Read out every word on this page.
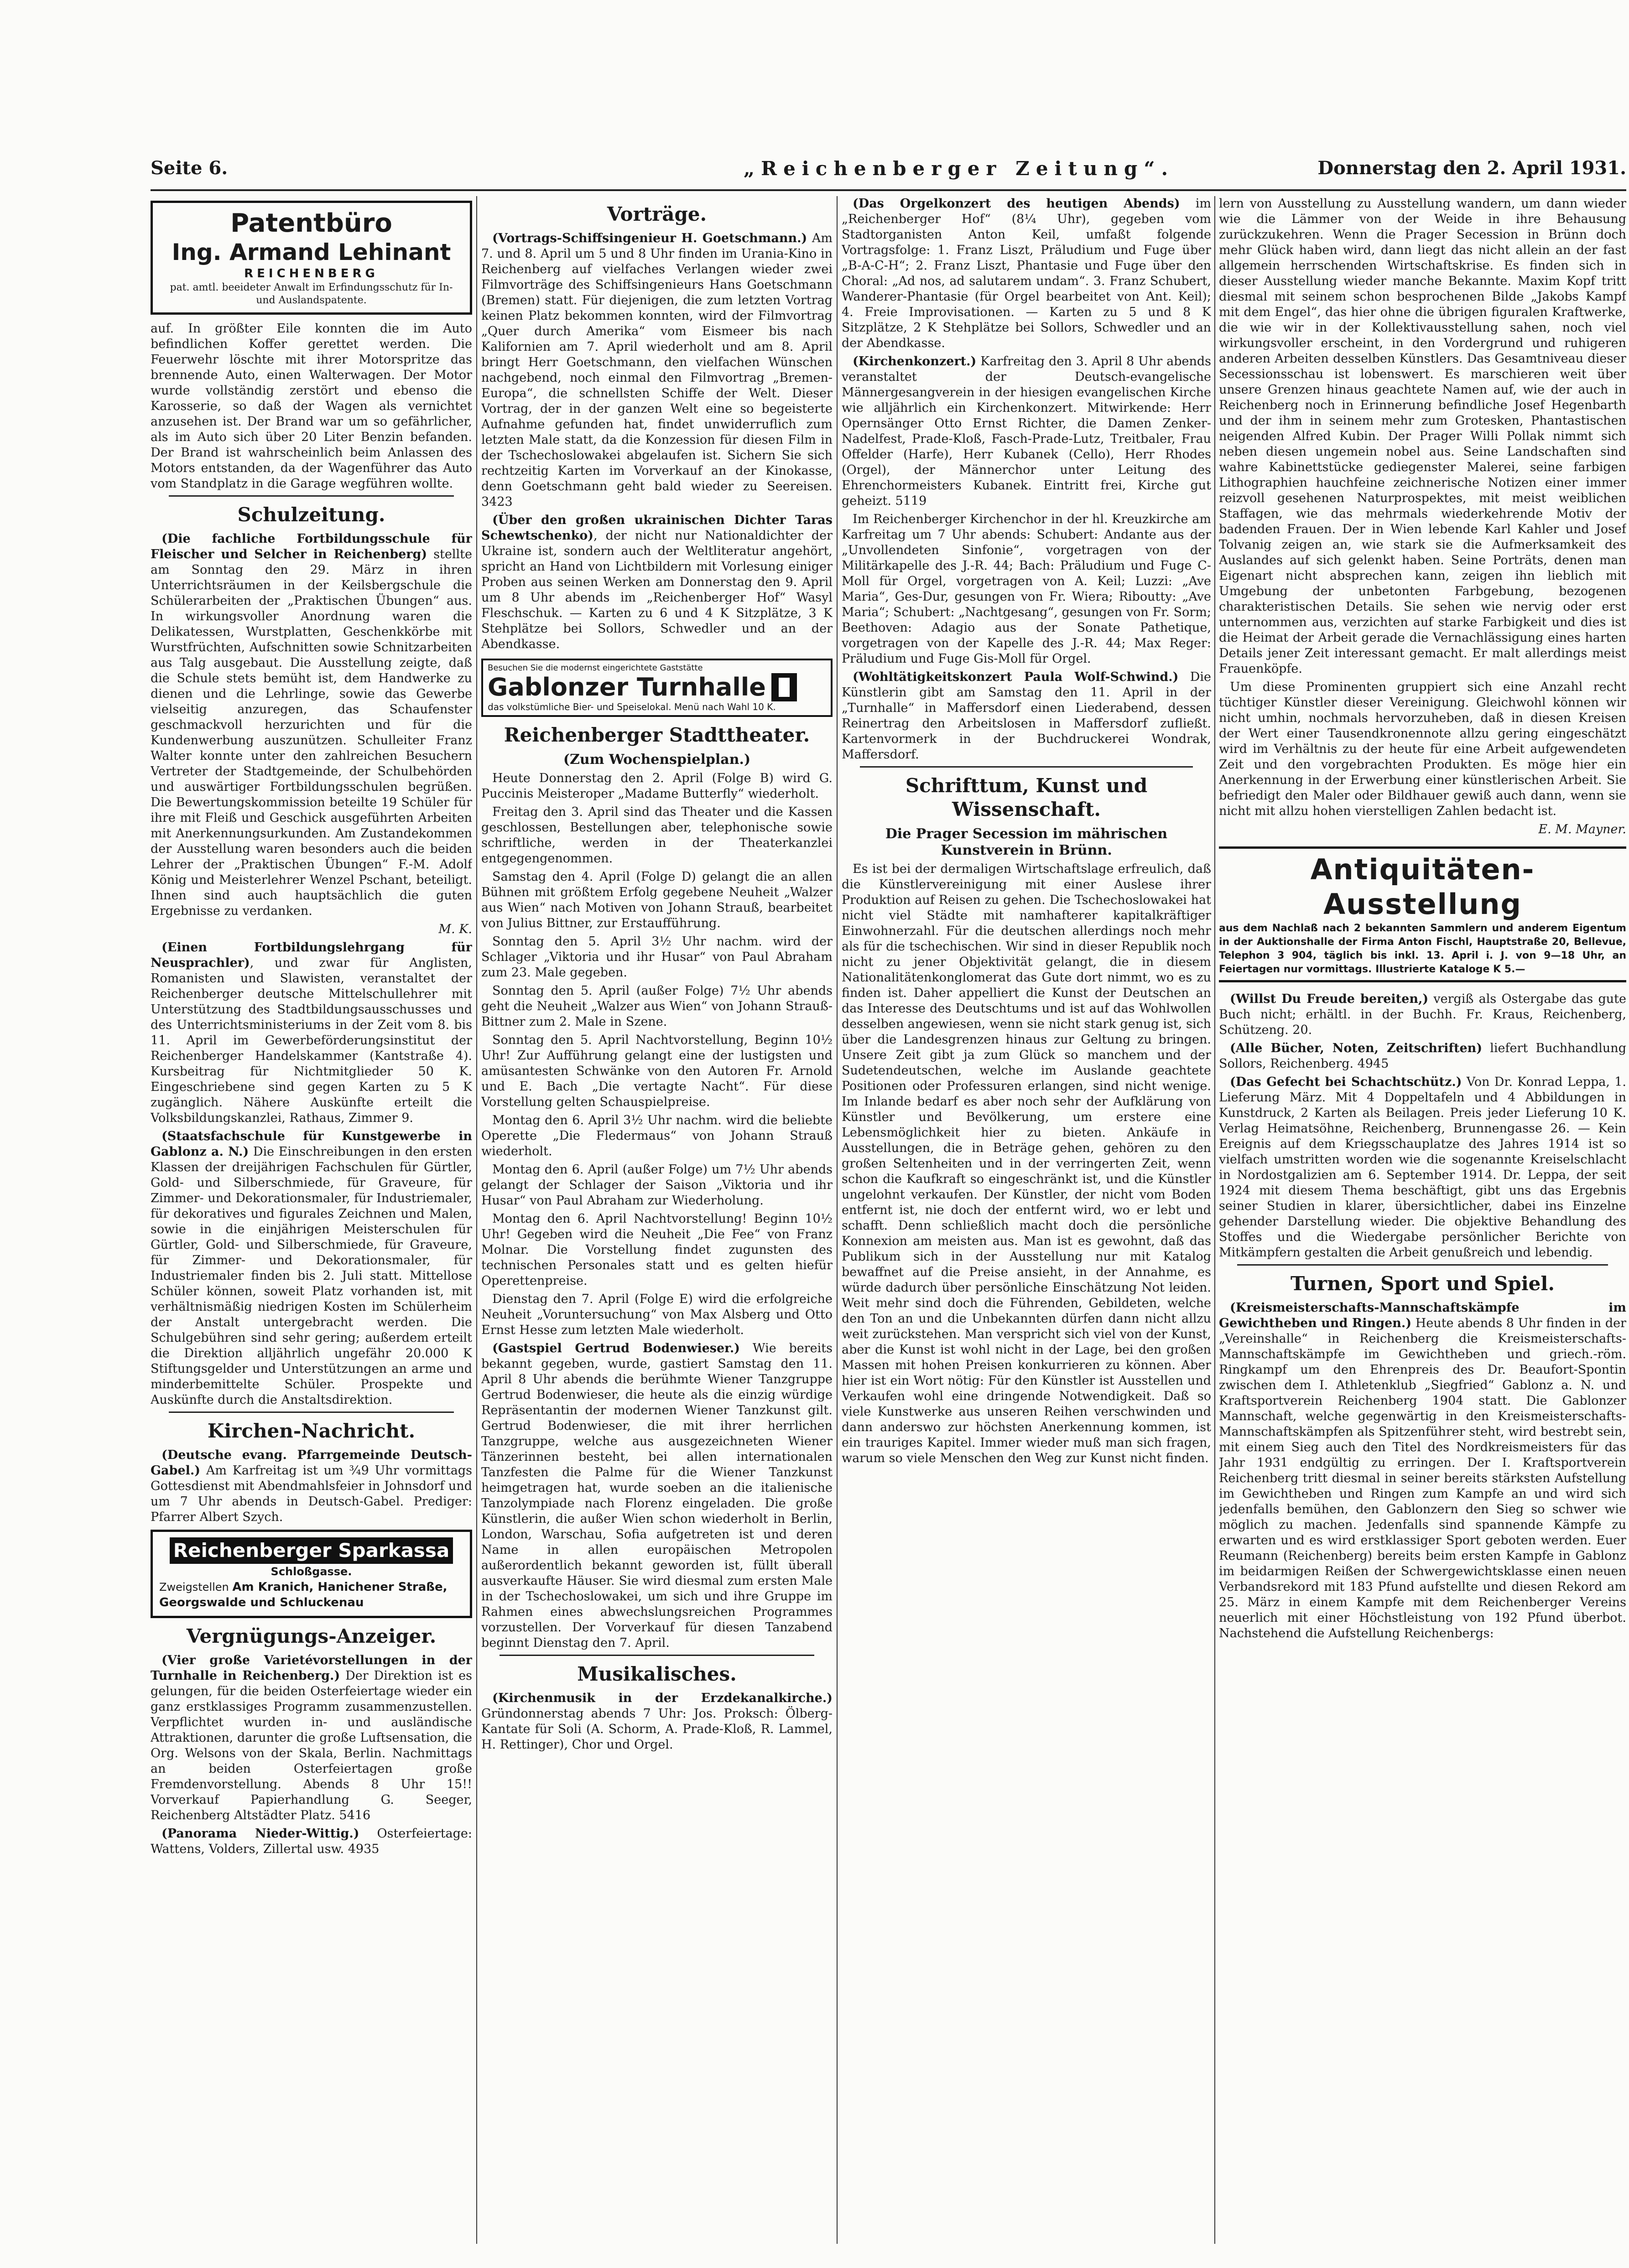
Seite 6.	„Reichenberger Zeitung“.	Donnerstag den 2. April 1931.
Patentbüro
Ing. Armand Lehinant
REICHENBERG
pat. amtl. beeideter Anwalt im Erfindungsschutz für In- und Auslandspatente.

auf. In größter Eile konnten die im Auto befindlichen Koffer gerettet werden. Die Feuerwehr löschte mit ihrer Motorspritze das brennende Auto, einen Walterwagen. Der Motor wurde vollständig zerstört und ebenso die Karosserie, so daß der Wagen als vernichtet anzusehen ist. Der Brand war um so gefährlicher, als im Auto sich über 20 Liter Benzin befanden. Der Brand ist wahrscheinlich beim Anlassen des Motors entstanden, da der Wagenführer das Auto vom Standplatz in die Garage wegführen wollte.

Schulzeitung.

(Die fachliche Fortbildungsschule für Fleischer und Selcher in Reichenberg) stellte am Sonntag den 29. März in ihren Unterrichtsräumen in der Keilsbergschule die Schülerarbeiten der „Praktischen Übungen“ aus. In wirkungsvoller Anordnung waren die Delikatessen, Wurstplatten, Geschenkkörbe mit Wurstfrüchten, Aufschnitten sowie Schnitzarbeiten aus Talg ausgebaut. Die Ausstellung zeigte, daß die Schule stets bemüht ist, dem Handwerke zu dienen und die Lehrlinge, sowie das Gewerbe vielseitig anzuregen, das Schaufenster geschmackvoll herzurichten und für die Kundenwerbung auszunützen. Schulleiter Franz Walter konnte unter den zahlreichen Besuchern Vertreter der Stadtgemeinde, der Schulbehörden und auswärtiger Fortbildungsschulen begrüßen. Die Bewertungskommission beteilte 19 Schüler für ihre mit Fleiß und Geschick ausgeführten Arbeiten mit Anerkennungsurkunden. Am Zustandekommen der Ausstellung waren besonders auch die beiden Lehrer der „Praktischen Übungen“ F.-M. Adolf König und Meisterlehrer Wenzel Pschant, beteiligt. Ihnen sind auch hauptsächlich die guten Ergebnisse zu verdanken.

M. K.

(Einen Fortbildungslehrgang für Neusprachler), und zwar für Anglisten, Romanisten und Slawisten, veranstaltet der Reichenberger deutsche Mittelschullehrer mit Unterstützung des Stadtbildungsausschusses und des Unterrichtsministeriums in der Zeit vom 8. bis 11. April im Gewerbeförderungsinstitut der Reichenberger Handelskammer (Kantstraße 4). Kursbeitrag für Nichtmitglieder 50 K. Eingeschriebene sind gegen Karten zu 5 K zugänglich. Nähere Auskünfte erteilt die Volksbildungskanzlei, Rathaus, Zimmer 9.

(Staatsfachschule für Kunstgewerbe in Gablonz a. N.) Die Einschreibungen in den ersten Klassen der dreijährigen Fachschulen für Gürtler, Gold- und Silberschmiede, für Graveure, für Zimmer- und Dekorationsmaler, für Industriemaler, für dekoratives und figurales Zeichnen und Malen, sowie in die einjährigen Meisterschulen für Gürtler, Gold- und Silberschmiede, für Graveure, für Zimmer- und Dekorationsmaler, für Industriemaler finden bis 2. Juli statt. Mittellose Schüler können, soweit Platz vorhanden ist, mit verhältnismäßig niedrigen Kosten im Schülerheim der Anstalt untergebracht werden. Die Schulgebühren sind sehr gering; außerdem erteilt die Direktion alljährlich ungefähr 20.000 K Stiftungsgelder und Unterstützungen an arme und minderbemittelte Schüler. Prospekte und Auskünfte durch die Anstaltsdirektion.

Kirchen-Nachricht.

(Deutsche evang. Pfarrgemeinde Deutsch-Gabel.) Am Karfreitag ist um ¾9 Uhr vormittags Gottesdienst mit Abendmahlsfeier in Johnsdorf und um 7 Uhr abends in Deutsch-Gabel. Prediger: Pfarrer Albert Szych.

Reichenberger Sparkassa
Schloßgasse.
Zweigstellen Am Kranich, Hanichener Straße,
Georgswalde und Schluckenau
Vergnügungs-Anzeiger.

(Vier große Varietévorstellungen in der Turnhalle in Reichenberg.) Der Direktion ist es gelungen, für die beiden Osterfeiertage wieder ein ganz erstklassiges Programm zusammenzustellen. Verpflichtet wurden in- und ausländische Attraktionen, darunter die große Luftsensation, die Org. Welsons von der Skala, Berlin. Nachmittags an beiden Osterfeiertagen große Fremdenvorstellung. Abends 8 Uhr 15!! Vorverkauf Papierhandlung G. Seeger, Reichenberg Altstädter Platz. 5416

(Panorama Nieder-Wittig.) Osterfeiertage: Wattens, Volders, Zillertal usw. 4935

Vorträge.

(Vortrags-Schiffsingenieur H. Goetschmann.) Am 7. und 8. April um 5 und 8 Uhr finden im Urania-Kino in Reichenberg auf vielfaches Verlangen wieder zwei Filmvorträge des Schiffsingenieurs Hans Goetschmann (Bremen) statt. Für diejenigen, die zum letzten Vortrag keinen Platz bekommen konnten, wird der Filmvortrag „Quer durch Amerika“ vom Eismeer bis nach Kalifornien am 7. April wiederholt und am 8. April bringt Herr Goetschmann, den vielfachen Wünschen nachgebend, noch einmal den Filmvortrag „Bremen-Europa“, die schnellsten Schiffe der Welt. Dieser Vortrag, der in der ganzen Welt eine so begeisterte Aufnahme gefunden hat, findet unwiderruflich zum letzten Male statt, da die Konzession für diesen Film in der Tschechoslowakei abgelaufen ist. Sichern Sie sich rechtzeitig Karten im Vorverkauf an der Kinokasse, denn Goetschmann geht bald wieder zu Seereisen. 3423

(Über den großen ukrainischen Dichter Taras Schewtschenko), der nicht nur Nationaldichter der Ukraine ist, sondern auch der Weltliteratur angehört, spricht an Hand von Lichtbildern mit Vorlesung einiger Proben aus seinen Werken am Donnerstag den 9. April um 8 Uhr abends im „Reichenberger Hof“ Wasyl Fleschschuk. — Karten zu 6 und 4 K Sitzplätze, 3 K Stehplätze bei Sollors, Schwedler und an der Abendkasse.

Besuchen Sie die modernst eingerichtete Gaststätte
Gablonzer Turnhalle
das volkstümliche Bier- und Speiselokal. Menü nach Wahl 10 K.
Reichenberger Stadttheater.
(Zum Wochenspielplan.)

Heute Donnerstag den 2. April (Folge B) wird G. Puccinis Meisteroper „Madame Butterfly“ wiederholt.

Freitag den 3. April sind das Theater und die Kassen geschlossen, Bestellungen aber, telephonische sowie schriftliche, werden in der Theaterkanzlei entgegengenommen.

Samstag den 4. April (Folge D) gelangt die an allen Bühnen mit größtem Erfolg gegebene Neuheit „Walzer aus Wien“ nach Motiven von Johann Strauß, bearbeitet von Julius Bittner, zur Erstaufführung.

Sonntag den 5. April 3½ Uhr nachm. wird der Schlager „Viktoria und ihr Husar“ von Paul Abraham zum 23. Male gegeben.

Sonntag den 5. April (außer Folge) 7½ Uhr abends geht die Neuheit „Walzer aus Wien“ von Johann Strauß-Bittner zum 2. Male in Szene.

Sonntag den 5. April Nachtvorstellung, Beginn 10½ Uhr! Zur Aufführung gelangt eine der lustigsten und amüsantesten Schwänke von den Autoren Fr. Arnold und E. Bach „Die vertagte Nacht“. Für diese Vorstellung gelten Schauspielpreise.

Montag den 6. April 3½ Uhr nachm. wird die beliebte Operette „Die Fledermaus“ von Johann Strauß wiederholt.

Montag den 6. April (außer Folge) um 7½ Uhr abends gelangt der Schlager der Saison „Viktoria und ihr Husar“ von Paul Abraham zur Wiederholung.

Montag den 6. April Nachtvorstellung! Beginn 10½ Uhr! Gegeben wird die Neuheit „Die Fee“ von Franz Molnar. Die Vorstellung findet zugunsten des technischen Personales statt und es gelten hiefür Operettenpreise.

Dienstag den 7. April (Folge E) wird die erfolgreiche Neuheit „Voruntersuchung“ von Max Alsberg und Otto Ernst Hesse zum letzten Male wiederholt.

(Gastspiel Gertrud Bodenwieser.) Wie bereits bekannt gegeben, wurde, gastiert Samstag den 11. April 8 Uhr abends die berühmte Wiener Tanzgruppe Gertrud Bodenwieser, die heute als die einzig würdige Repräsentantin der modernen Wiener Tanzkunst gilt. Gertrud Bodenwieser, die mit ihrer herrlichen Tanzgruppe, welche aus ausgezeichneten Wiener Tänzerinnen besteht, bei allen internationalen Tanzfesten die Palme für die Wiener Tanzkunst heimgetragen hat, wurde soeben an die italienische Tanzolympiade nach Florenz eingeladen. Die große Künstlerin, die außer Wien schon wiederholt in Berlin, London, Warschau, Sofia aufgetreten ist und deren Name in allen europäischen Metropolen außerordentlich bekannt geworden ist, füllt überall ausverkaufte Häuser. Sie wird diesmal zum ersten Male in der Tschechoslowakei, um sich und ihre Gruppe im Rahmen eines abwechslungsreichen Programmes vorzustellen. Der Vorverkauf für diesen Tanzabend beginnt Dienstag den 7. April.

Musikalisches.

(Kirchenmusik in der Erzdekanalkirche.) Gründonnerstag abends 7 Uhr: Jos. Proksch: Ölberg-Kantate für Soli (A. Schorm, A. Prade-Kloß, R. Lammel, H. Rettinger), Chor und Orgel.

(Das Orgelkonzert des heutigen Abends) im „Reichenberger Hof“ (8¼ Uhr), gegeben vom Stadtorganisten Anton Keil, umfaßt folgende Vortragsfolge: 1. Franz Liszt, Präludium und Fuge über „B-A-C-H“; 2. Franz Liszt, Phantasie und Fuge über den Choral: „Ad nos, ad salutarem undam“. 3. Franz Schubert, Wanderer-Phantasie (für Orgel bearbeitet von Ant. Keil); 4. Freie Improvisationen. — Karten zu 5 und 8 K Sitzplätze, 2 K Stehplätze bei Sollors, Schwedler und an der Abendkasse.

(Kirchenkonzert.) Karfreitag den 3. April 8 Uhr abends veranstaltet der Deutsch-evangelische Männergesangverein in der hiesigen evangelischen Kirche wie alljährlich ein Kirchenkonzert. Mitwirkende: Herr Opernsänger Otto Ernst Richter, die Damen Zenker-Nadelfest, Prade-Kloß, Fasch-Prade-Lutz, Treitbaler, Frau Offelder (Harfe), Herr Kubanek (Cello), Herr Rhodes (Orgel), der Männerchor unter Leitung des Ehrenchormeisters Kubanek. Eintritt frei, Kirche gut geheizt. 5119

Im Reichenberger Kirchenchor in der hl. Kreuzkirche am Karfreitag um 7 Uhr abends: Schubert: Andante aus der „Unvollendeten Sinfonie“, vorgetragen von der Militärkapelle des J.-R. 44; Bach: Präludium und Fuge C-Moll für Orgel, vorgetragen von A. Keil; Luzzi: „Ave Maria“, Ges-Dur, gesungen von Fr. Wiera; Riboutty: „Ave Maria“; Schubert: „Nachtgesang“, gesungen von Fr. Sorm; Beethoven: Adagio aus der Sonate Pathetique, vorgetragen von der Kapelle des J.-R. 44; Max Reger: Präludium und Fuge Gis-Moll für Orgel.

(Wohltätigkeitskonzert Paula Wolf-Schwind.) Die Künstlerin gibt am Samstag den 11. April in der „Turnhalle“ in Maffersdorf einen Liederabend, dessen Reinertrag den Arbeitslosen in Maffersdorf zufließt. Kartenvormerk in der Buchdruckerei Wondrak, Maffersdorf.

Schrifttum, Kunst und Wissenschaft.
Die Prager Secession im mährischen Kunstverein in Brünn.

Es ist bei der dermaligen Wirtschaftslage erfreulich, daß die Künstlervereinigung mit einer Auslese ihrer Produktion auf Reisen zu gehen. Die Tschechoslowakei hat nicht viel Städte mit namhafterer kapitalkräftiger Einwohnerzahl. Für die deutschen allerdings noch mehr als für die tschechischen. Wir sind in dieser Republik noch nicht zu jener Objektivität gelangt, die in diesem Nationalitätenkonglomerat das Gute dort nimmt, wo es zu finden ist. Daher appelliert die Kunst der Deutschen an das Interesse des Deutschtums und ist auf das Wohlwollen desselben angewiesen, wenn sie nicht stark genug ist, sich über die Landesgrenzen hinaus zur Geltung zu bringen. Unsere Zeit gibt ja zum Glück so manchem und der Sudetendeutschen, welche im Auslande geachtete Positionen oder Professuren erlangen, sind nicht wenige. Im Inlande bedarf es aber noch sehr der Aufklärung von Künstler und Bevölkerung, um erstere eine Lebensmöglichkeit hier zu bieten. Ankäufe in Ausstellungen, die in Beträge gehen, gehören zu den großen Seltenheiten und in der verringerten Zeit, wenn schon die Kaufkraft so eingeschränkt ist, und die Künstler ungelohnt verkaufen. Der Künstler, der nicht vom Boden entfernt ist, nie doch der entfernt wird, wo er lebt und schafft. Denn schließlich macht doch die persönliche Konnexion am meisten aus. Man ist es gewohnt, daß das Publikum sich in der Ausstellung nur mit Katalog bewaffnet auf die Preise ansieht, in der Annahme, es würde dadurch über persönliche Einschätzung Not leiden. Weit mehr sind doch die Führenden, Gebildeten, welche den Ton an und die Unbekannten dürfen dann nicht allzu weit zurückstehen. Man verspricht sich viel von der Kunst, aber die Kunst ist wohl nicht in der Lage, bei den großen Massen mit hohen Preisen konkurrieren zu können. Aber hier ist ein Wort nötig: Für den Künstler ist Ausstellen und Verkaufen wohl eine dringende Notwendigkeit. Daß so viele Kunstwerke aus unseren Reihen verschwinden und dann anderswo zur höchsten Anerkennung kommen, ist ein trauriges Kapitel. Immer wieder muß man sich fragen, warum so viele Menschen den Weg zur Kunst nicht finden.

lern von Ausstellung zu Ausstellung wandern, um dann wieder wie die Lämmer von der Weide in ihre Behausung zurückzukehren. Wenn die Prager Secession in Brünn doch mehr Glück haben wird, dann liegt das nicht allein an der fast allgemein herrschenden Wirtschaftskrise. Es finden sich in dieser Ausstellung wieder manche Bekannte. Maxim Kopf tritt diesmal mit seinem schon besprochenen Bilde „Jakobs Kampf mit dem Engel“, das hier ohne die übrigen figuralen Kraftwerke, die wie wir in der Kollektivausstellung sahen, noch viel wirkungsvoller erscheint, in den Vordergrund und ruhigeren anderen Arbeiten desselben Künstlers. Das Gesamtniveau dieser Secessionsschau ist lobenswert. Es marschieren weit über unsere Grenzen hinaus geachtete Namen auf, wie der auch in Reichenberg noch in Erinnerung befindliche Josef Hegenbarth und der ihm in seinem mehr zum Grotesken, Phantastischen neigenden Alfred Kubin. Der Prager Willi Pollak nimmt sich neben diesen ungemein nobel aus. Seine Landschaften sind wahre Kabinettstücke gediegenster Malerei, seine farbigen Lithographien hauchfeine zeichnerische Notizen einer immer reizvoll gesehenen Naturprospektes, mit meist weiblichen Staffagen, wie das mehrmals wiederkehrende Motiv der badenden Frauen. Der in Wien lebende Karl Kahler und Josef Tolvanig zeigen an, wie stark sie die Aufmerksamkeit des Auslandes auf sich gelenkt haben. Seine Porträts, denen man Eigenart nicht absprechen kann, zeigen ihn lieblich mit Umgebung der unbetonten Farbgebung, bezogenen charakteristischen Details. Sie sehen wie nervig oder erst unternommen aus, verzichten auf starke Farbigkeit und dies ist die Heimat der Arbeit gerade die Vernachlässigung eines harten Details jener Zeit interessant gemacht. Er malt allerdings meist Frauenköpfe.

Um diese Prominenten gruppiert sich eine Anzahl recht tüchtiger Künstler dieser Vereinigung. Gleichwohl können wir nicht umhin, nochmals hervorzuheben, daß in diesen Kreisen der Wert einer Tausendkronennote allzu gering eingeschätzt wird im Verhältnis zu der heute für eine Arbeit aufgewendeten Zeit und den vorgebrachten Produkten. Es möge hier ein Anerkennung in der Erwerbung einer künstlerischen Arbeit. Sie befriedigt den Maler oder Bildhauer gewiß auch dann, wenn sie nicht mit allzu hohen vierstelligen Zahlen bedacht ist.

E. M. Mayner.

Antiquitäten-Ausstellung
aus dem Nachlaß nach 2 bekannten Sammlern und anderem Eigentum in der Auktionshalle der Firma Anton Fischl, Hauptstraße 20, Bellevue, Telephon 3 904, täglich bis inkl. 13. April i. J. von 9—18 Uhr, an Feiertagen nur vormittags. Illustrierte Kataloge K 5.—

(Willst Du Freude bereiten,) vergiß als Ostergabe das gute Buch nicht; erhältl. in der Buchh. Fr. Kraus, Reichenberg, Schützeng. 20.

(Alle Bücher, Noten, Zeitschriften) liefert Buchhandlung Sollors, Reichenberg. 4945

(Das Gefecht bei Schachtschütz.) Von Dr. Konrad Leppa, 1. Lieferung März. Mit 4 Doppeltafeln und 4 Abbildungen in Kunstdruck, 2 Karten als Beilagen. Preis jeder Lieferung 10 K. Verlag Heimatsöhne, Reichenberg, Brunnengasse 26. — Kein Ereignis auf dem Kriegsschauplatze des Jahres 1914 ist so vielfach umstritten worden wie die sogenannte Kreiselschlacht in Nordostgalizien am 6. September 1914. Dr. Leppa, der seit 1924 mit diesem Thema beschäftigt, gibt uns das Ergebnis seiner Studien in klarer, übersichtlicher, dabei ins Einzelne gehender Darstellung wieder. Die objektive Behandlung des Stoffes und die Wiedergabe persönlicher Berichte von Mitkämpfern gestalten die Arbeit genußreich und lebendig.

Turnen, Sport und Spiel.

(Kreismeisterschafts-Mannschaftskämpfe im Gewichtheben und Ringen.) Heute abends 8 Uhr finden in der „Vereinshalle“ in Reichenberg die Kreismeisterschafts-Mannschaftskämpfe im Gewichtheben und griech.-röm. Ringkampf um den Ehrenpreis des Dr. Beaufort-Spontin zwischen dem I. Athletenklub „Siegfried“ Gablonz a. N. und Kraftsportverein Reichenberg 1904 statt. Die Gablonzer Mannschaft, welche gegenwärtig in den Kreismeisterschafts-Mannschaftskämpfen als Spitzenführer steht, wird bestrebt sein, mit einem Sieg auch den Titel des Nordkreismeisters für das Jahr 1931 endgültig zu erringen. Der I. Kraftsportverein Reichenberg tritt diesmal in seiner bereits stärksten Aufstellung im Gewichtheben und Ringen zum Kampfe an und wird sich jedenfalls bemühen, den Gablonzern den Sieg so schwer wie möglich zu machen. Jedenfalls sind spannende Kämpfe zu erwarten und es wird erstklassiger Sport geboten werden. Euer Reumann (Reichenberg) bereits beim ersten Kampfe in Gablonz im beidarmigen Reißen der Schwergewichtsklasse einen neuen Verbandsrekord mit 183 Pfund aufstellte und diesen Rekord am 25. März in einem Kampfe mit dem Reichenberger Vereins neuerlich mit einer Höchstleistung von 192 Pfund überbot. Nachstehend die Aufstellung Reichenbergs:
